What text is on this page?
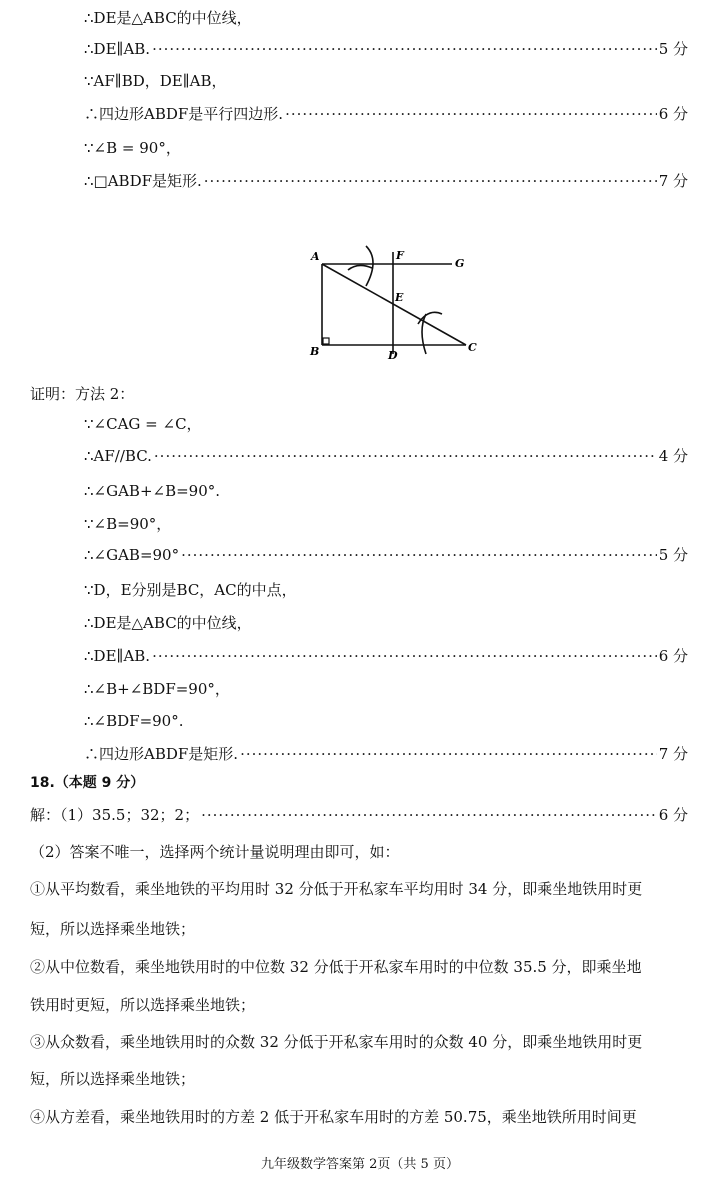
∴DE是△ABC的中位线，
∴DE∥AB. ·····	5 分
∵AF∥BD，DE∥AB，
∴四边形ABDF是平行四边形. ·····	6 分
∵∠B = 90°，
∴□ABDF是矩形. ·····	7 分
A	F
G
E
B	D
C
证明：方法 2：
∵∠CAG = ∠C，
∴AF//BC. ·····	4 分
∴∠GAB+∠B=90°.
∵∠B=90°，
∴∠GAB=90° ·····	5 分
∵D，E分别是BC，AC的中点，
∴DE是△ABC的中位线，
∴DE∥AB. ·····	6 分
∴∠B+∠BDF=90°，
∴∠BDF=90°.
∴四边形ABDF是矩形. ·····	7 分
18.（本题 9 分）
解：（1）35.5；32；2； ·····	6 分
（2）答案不唯一，选择两个统计量说明理由即可，如：
①从平均数看，乘坐地铁的平均用时 32 分低于开私家车平均用时 34 分，即乘坐地铁用时更
短，所以选择乘坐地铁；
②从中位数看，乘坐地铁用时的中位数 32 分低于开私家车用时的中位数 35.5 分，即乘坐地
铁用时更短，所以选择乘坐地铁；
③从众数看，乘坐地铁用时的众数 32 分低于开私家车用时的众数 40 分，即乘坐地铁用时更
短，所以选择乘坐地铁；
④从方差看，乘坐地铁用时的方差 2 低于开私家车用时的方差 50.75，乘坐地铁所用时间更
九年级数学答案第 2页（共 5 页）
